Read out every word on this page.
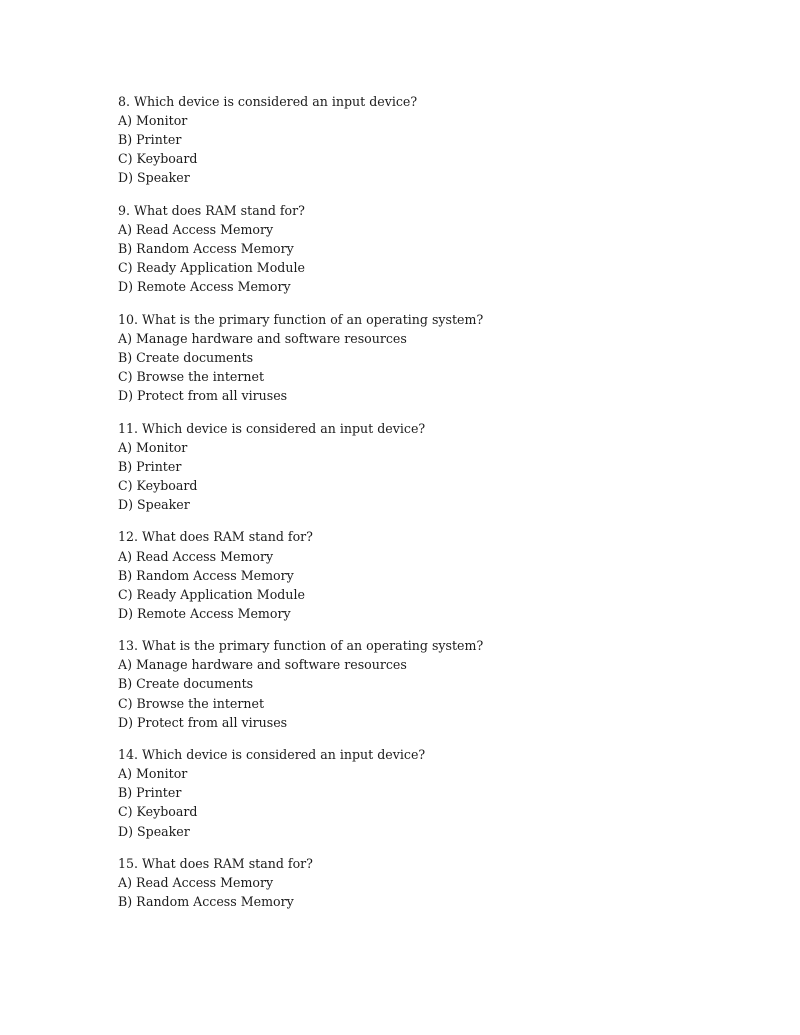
8. Which device is considered an input device?
A) Monitor
B) Printer
C) Keyboard
D) Speaker
9. What does RAM stand for?
A) Read Access Memory
B) Random Access Memory
C) Ready Application Module
D) Remote Access Memory
10. What is the primary function of an operating system?
A) Manage hardware and software resources
B) Create documents
C) Browse the internet
D) Protect from all viruses
11. Which device is considered an input device?
A) Monitor
B) Printer
C) Keyboard
D) Speaker
12. What does RAM stand for?
A) Read Access Memory
B) Random Access Memory
C) Ready Application Module
D) Remote Access Memory
13. What is the primary function of an operating system?
A) Manage hardware and software resources
B) Create documents
C) Browse the internet
D) Protect from all viruses
14. Which device is considered an input device?
A) Monitor
B) Printer
C) Keyboard
D) Speaker
15. What does RAM stand for?
A) Read Access Memory
B) Random Access Memory
